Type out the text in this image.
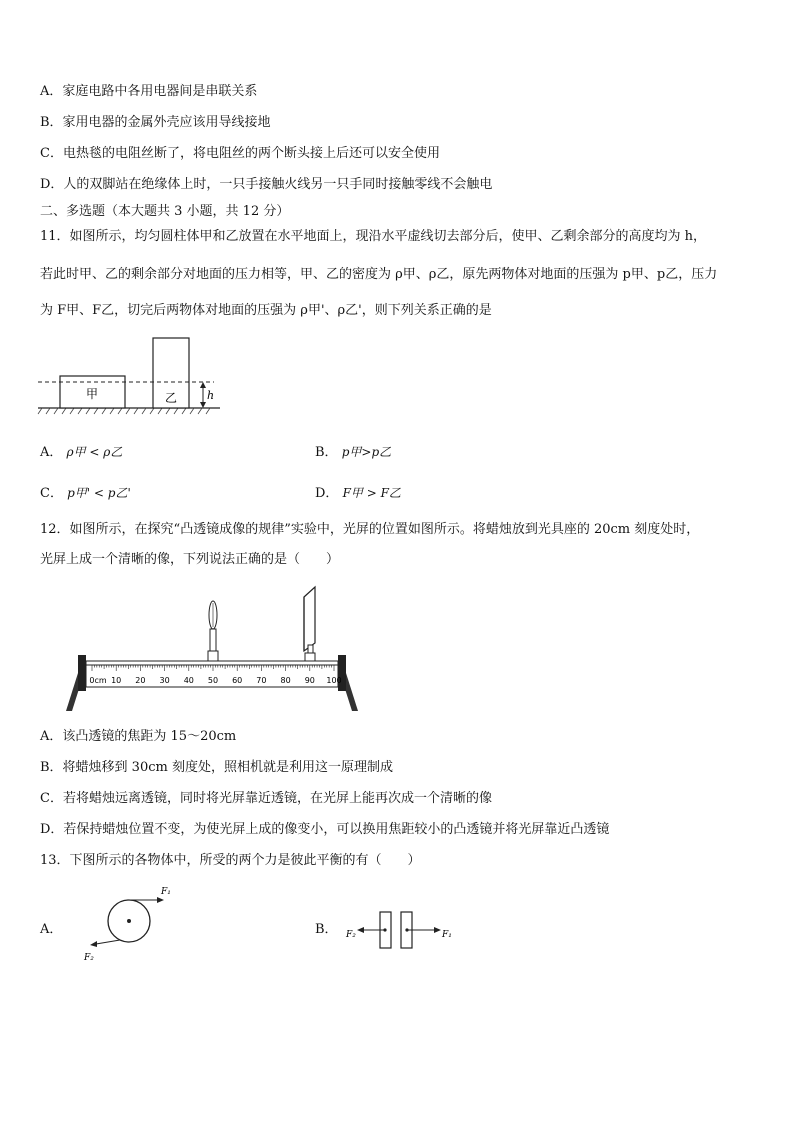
A．家庭电路中各用电器间是串联关系
B．家用电器的金属外壳应该用导线接地
C．电热毯的电阻丝断了，将电阻丝的两个断头接上后还可以安全使用
D．人的双脚站在绝缘体上时，一只手接触火线另一只手同时接触零线不会触电
二、多选题（本大题共 3 小题，共 12 分）
11．如图所示，均匀圆柱体甲和乙放置在水平地面上，现沿水平虚线切去部分后，使甲、乙剩余部分的高度均为 h，
若此时甲、乙的剩余部分对地面的压力相等，甲、乙的密度为 ρ甲、ρ乙，原先两物体对地面的压强为 p甲、p乙，压力
为 F甲、F乙，切完后两物体对地面的压强为 ρ甲'、ρ乙'，则下列关系正确的是
甲	乙	h
A． ρ甲 < ρ乙	B． p甲>p乙
C． p甲' < p乙'	D． F甲 > F乙
12．如图所示，在探究“凸透镜成像的规律”实验中，光屏的位置如图所示。将蜡烛放到光具座的 20cm 刻度处时，
光屏上成一个清晰的像，下列说法正确的是（　　）
0cm 10 20 30 40 50 60 70 80 90 100
A．该凸透镜的焦距为 15～20cm
B．将蜡烛移到 30cm 刻度处，照相机就是利用这一原理制成
C．若将蜡烛远离透镜，同时将光屏靠近透镜，在光屏上能再次成一个清晰的像
D．若保持蜡烛位置不变，为使光屏上成的像变小，可以换用焦距较小的凸透镜并将光屏靠近凸透镜
13．下图所示的各物体中，所受的两个力是彼此平衡的有（　　）
A．
F₁
F₂
B． F₂	F₁
